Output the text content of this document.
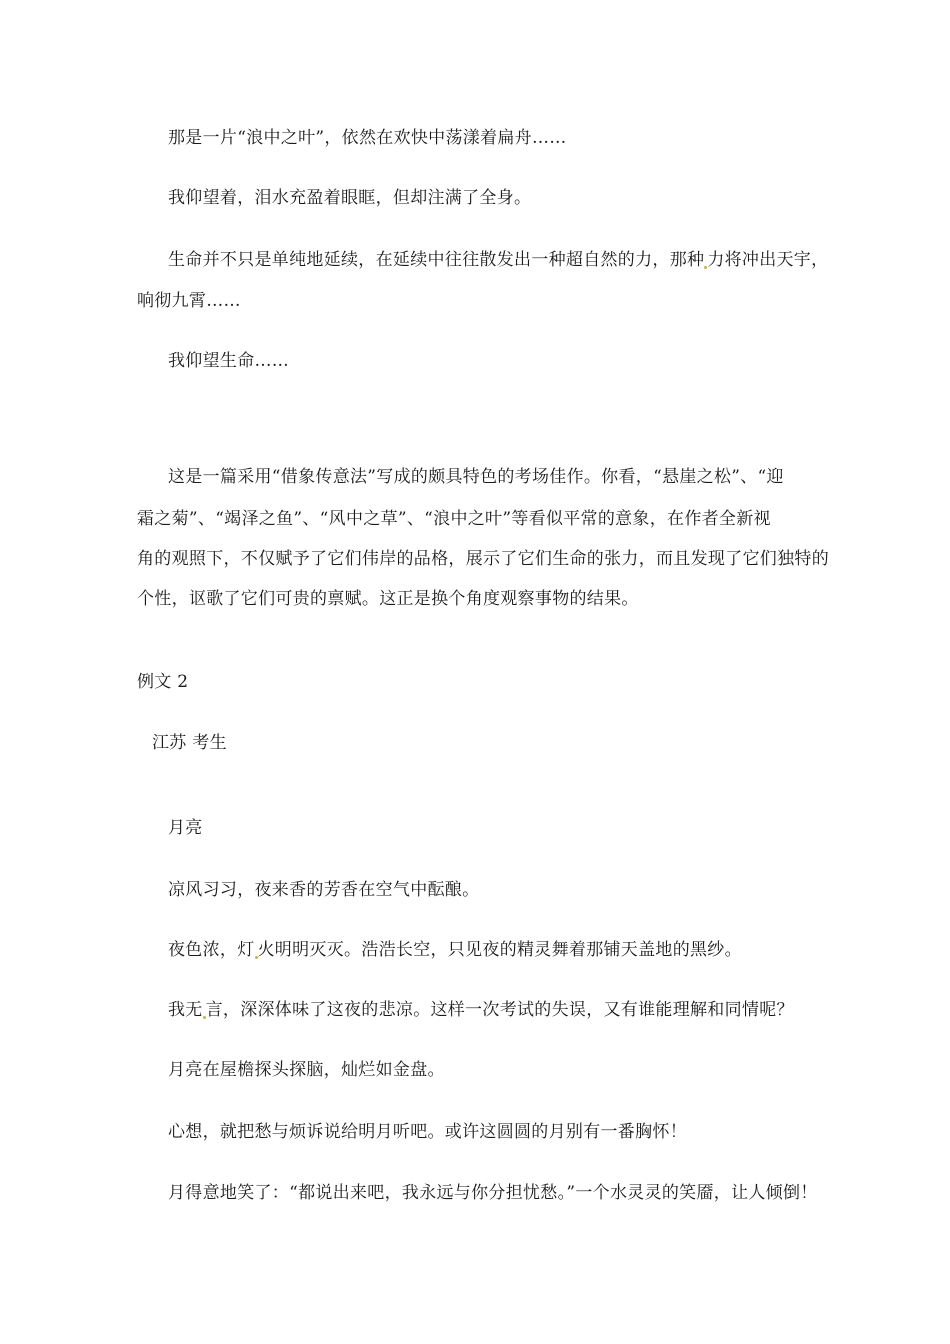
那是一片“浪中之叶”，依然在欢快中荡漾着扁舟……
我仰望着，泪水充盈着眼眶，但却注满了全身。
生命并不只是单纯地延续，在延续中往往散发出一种超自然的力，那种 力将冲出天宇，
响彻九霄……
我仰望生命……
这是一篇采用“借象传意法”写成的颇具特色的考场佳作。你看，“悬崖之松”、“迎
霜之菊”、“竭泽之鱼”、“风中之草”、“浪中之叶”等看似平常的意象，在作者全新视
角的观照下，不仅赋予了它们伟岸的品格，展示了它们生命的张力，而且发现了它们独特的
个性，讴歌了它们可贵的禀赋。这正是换个角度观察事物的结果。
例文 2
江苏 考生
月亮
凉风习习，夜来香的芳香在空气中酝酿。
夜色浓，灯 火明明灭灭。浩浩长空，只见夜的精灵舞着那铺天盖地的黑纱。
我无 言，深深体味了这夜的悲凉。这样一次考试的失误，又有谁能理解和同情呢？
月亮在屋檐探头探脑，灿烂如金盘。
心想，就把愁与烦诉说给明月听吧。或许这圆圆的月别有一番胸怀！
月得意地笑了：“都说出来吧，我永远与你分担忧愁。”一个水灵灵的笑靥，让人倾倒！
